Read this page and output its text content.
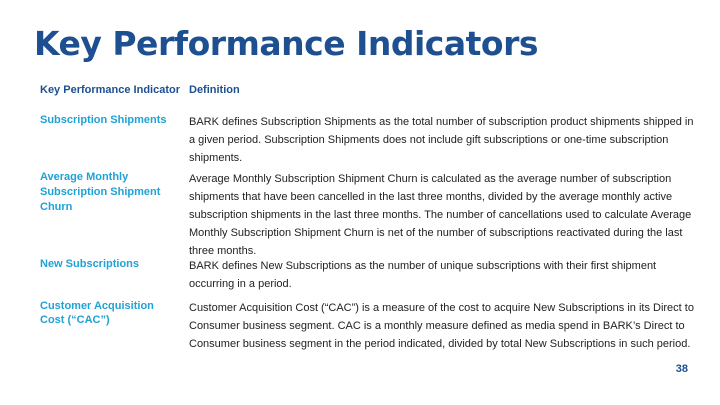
Key Performance Indicators
Key Performance Indicator Definition
Subscription Shipments	BARK defines Subscription Shipments as the total number of subscription product shipments shipped in a given period. Subscription Shipments does not include gift subscriptions or one-time subscription shipments.
Average Monthly Subscription Shipment Churn
Average Monthly Subscription Shipment Churn is calculated as the average number of subscription shipments that have been cancelled in the last three months, divided by the average monthly active subscription shipments in the last three months. The number of cancellations used to calculate Average Monthly Subscription Shipment Churn is net of the number of subscriptions reactivated during the last three months.
New Subscriptions	BARK defines New Subscriptions as the number of unique subscriptions with their first shipment occurring in a period.
Customer Acquisition Cost (“CAC”)
Customer Acquisition Cost (“CAC”) is a measure of the cost to acquire New Subscriptions in its Direct to Consumer business segment. CAC is a monthly measure defined as media spend in BARK’s Direct to Consumer business segment in the period indicated, divided by total New Subscriptions in such period.
38
